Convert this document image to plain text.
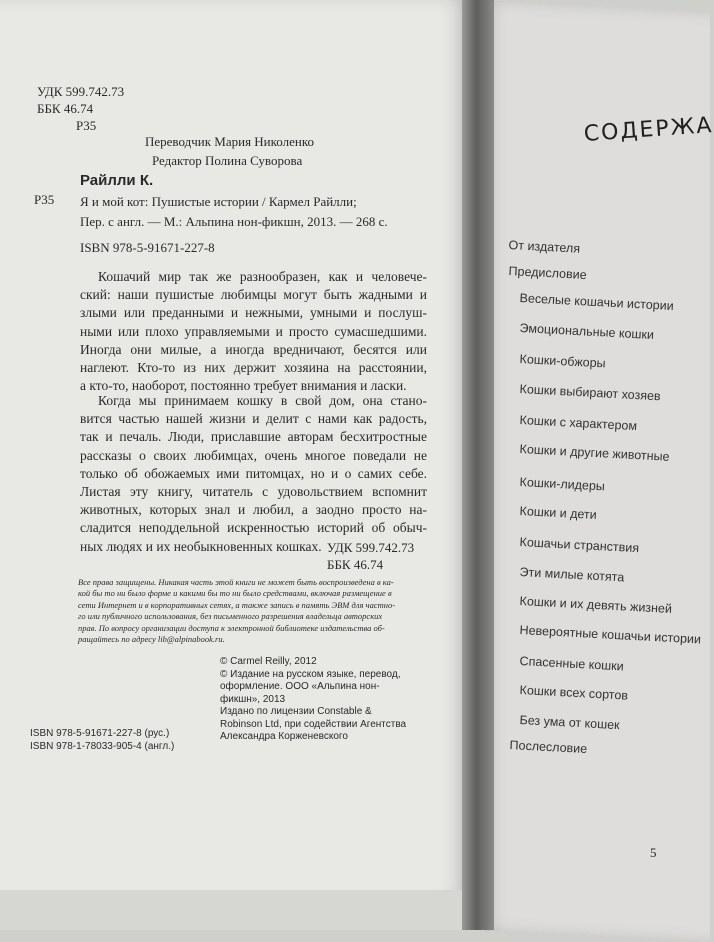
УДК 599.742.73
ББК 46.74
Р35
Переводчик Мария Николенко
Редактор Полина Суворова
Райлли К.
Р35 Я и мой кот: Пушистые истории / Кармел Райлли;
Пер. с англ. — М.: Альпина нон-фикшн, 2013. — 268 с.
ISBN 978-5-91671-227-8
Кошачий мир так же разнообразен, как и человече-
ский: наши пушистые любимцы могут быть жадными и
злыми или преданными и нежными, умными и послуш-
ными или плохо управляемыми и просто сумасшедшими.
Иногда они милые, а иногда вредничают, бесятся или
наглеют. Кто-то из них держит хозяина на расстоянии,
а кто-то, наоборот, постоянно требует внимания и ласки.
Когда мы принимаем кошку в свой дом, она стано-
вится частью нашей жизни и делит с нами как радость,
так и печаль. Люди, приславшие авторам бесхитростные
рассказы о своих любимцах, очень многое поведали не
только об обожаемых ими питомцах, но и о самих себе.
Листая эту книгу, читатель с удовольствием вспомнит
животных, которых знал и любил, а заодно просто на-
сладится неподдельной искренностью историй об обыч-
ных людях и их необыкновенных кошках. УДК 599.742.73
ББК 46.74
Все права защищены. Никакая часть этой книги не может быть воспроизведена в ка-
кой бы то ни было форме и какими бы то ни было средствами, включая размещение в
сети Интернет и в корпоративных сетях, а также запись в память ЭВМ для частно-
го или публичного использования, без письменного разрешения владельца авторских
прав. По вопросу организации доступа к электронной библиотеке издательства об-
ращайтесь по адресу lib@alpinabook.ru.
© Carmel Reilly, 2012
© Издание на русском языке, перевод,
оформление. ООО «Альпина нон-
фикшн», 2013
Издано по лицензии Constable &
Robinson Ltd, при содействии Агентства
Александра Корженевского
ISBN 978-5-91671-227-8 (рус.)
ISBN 978-1-78033-905-4 (англ.)
СОДЕРЖА
От издателя
Предисловие
Веселые кошачьи истории
Эмоциональные кошки
Кошки-обжоры
Кошки выбирают хозяев
Кошки с характером
Кошки и другие животные
Кошки-лидеры
Кошки и дети
Кошачьи странствия
Эти милые котята
Кошки и их девять жизней
Невероятные кошачьи истории
Спасенные кошки
Кошки всех сортов
Без ума от кошек
Послесловие
5
